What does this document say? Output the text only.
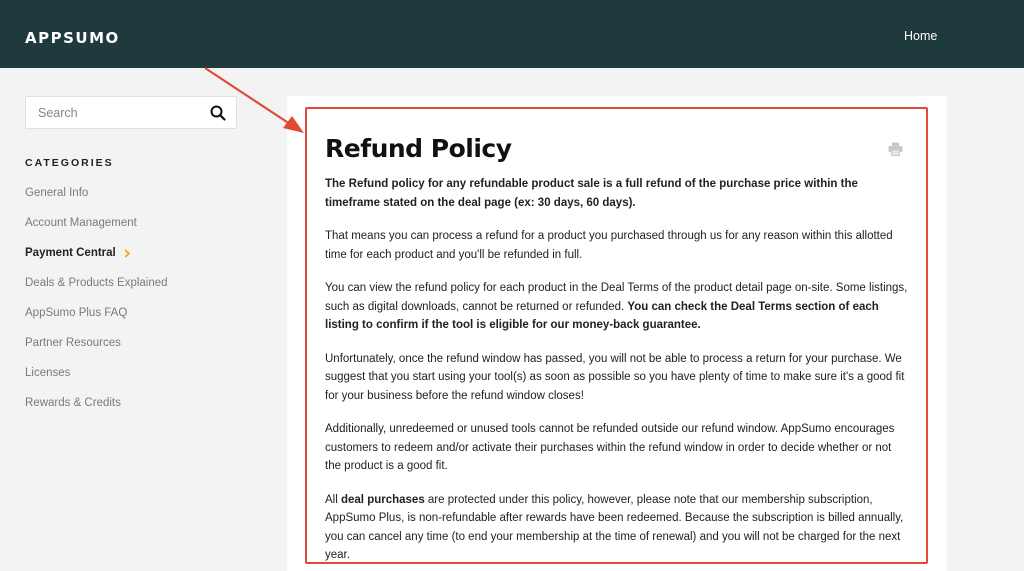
APPSUMO	Home
Search
CATEGORIES
General Info
Account Management
Payment Central
Deals & Products Explained
AppSumo Plus FAQ
Partner Resources
Licenses
Rewards & Credits
Refund Policy

The Refund policy for any refundable product sale is a full refund of the purchase price within the timeframe stated on the deal page (ex: 30 days, 60 days).

That means you can process a refund for a product you purchased through us for any reason within this allotted time for each product and you'll be refunded in full.

You can view the refund policy for each product in the Deal Terms of the product detail page on-site. Some listings, such as digital downloads, cannot be returned or refunded. You can check the Deal Terms section of each listing to confirm if the tool is eligible for our money-back guarantee.

Unfortunately, once the refund window has passed, you will not be able to process a return for your purchase. We suggest that you start using your tool(s) as soon as possible so you have plenty of time to make sure it's a good fit for your business before the refund window closes!

Additionally, unredeemed or unused tools cannot be refunded outside our refund window. AppSumo encourages customers to redeem and/or activate their purchases within the refund window in order to decide whether or not the product is a good fit.

All deal purchases are protected under this policy, however, please note that our membership subscription, AppSumo Plus, is non-refundable after rewards have been redeemed. Because the subscription is billed annually, you can cancel any time (to end your membership at the time of renewal) and you will not be charged for the next year.
